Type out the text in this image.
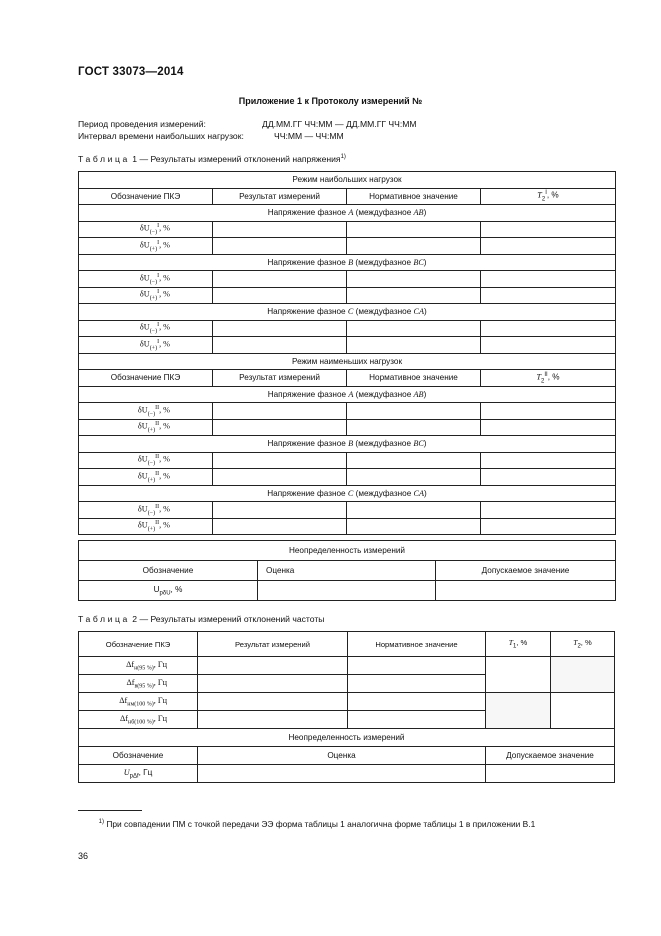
ГОСТ 33073—2014
Приложение 1 к Протоколу измерений №
Период проведения измерений:	ДД.ММ.ГГ ЧЧ:ММ — ДД.ММ.ГГ ЧЧ:ММ
Интервал времени наибольших нагрузок:	ЧЧ:ММ — ЧЧ:ММ
Таблица 1 — Результаты измерений отклонений напряжения$^{1)}$
Режим наибольших нагрузок			
Обозначение ПКЭ	Результат измерений	Нормативное значение	$T_2^I$, %
Напряжение фазное A (междуфазное AB)			
$\delta U_{(-)}^I$, %			
$\delta U_{(+)}^I$, %			
Напряжение фазное B (междуфазное BC)			
$\delta U_{(-)}^I$, %			
$\delta U_{(+)}^I$, %			
Напряжение фазное C (междуфазное CA)			
$\delta U_{(-)}^I$, %			
$\delta U_{(+)}^I$, %			
Режим наименьших нагрузок			
Обозначение ПКЭ	Результат измерений	Нормативное значение	$T_2^{II}$, %
Напряжение фазное A (междуфазное AB)			
$\delta U_{(-)}^{II}$, %			
$\delta U_{(+)}^{II}$, %			
Напряжение фазное B (междуфазное BC)			
$\delta U_{(-)}^{II}$, %			
$\delta U_{(+)}^{II}$, %			
Напряжение фазное C (междуфазное CA)			
$\delta U_{(-)}^{II}$, %			
$\delta U_{(+)}^{II}$, %			
Неопределенность измерений		
Обозначение	Оценка	Допускаемое значение
$U_{р\delta U}$, %		
Таблица 2 — Результаты измерений отклонений частоты
Обозначение ПКЭ	Результат измерений	Нормативное значение	$T_1$, %	$T_2$, %
$\Delta f_{н(95 \%)}$, Гц				
$\Delta f_{в(95 \%)}$, Гц				
$\Delta f_{нм(100 \%)}$, Гц				
$\Delta f_{нб(100 \%)}$, Гц				
Неопределенность измерений				
Обозначение	Оценка		Допускаемое значение	
$U_{р\Delta f}$, Гц				
$^{1)}$ При совпадении ПМ с точкой передачи ЭЭ форма таблицы 1 аналогична форме таблицы 1 в приложении В.1
36
